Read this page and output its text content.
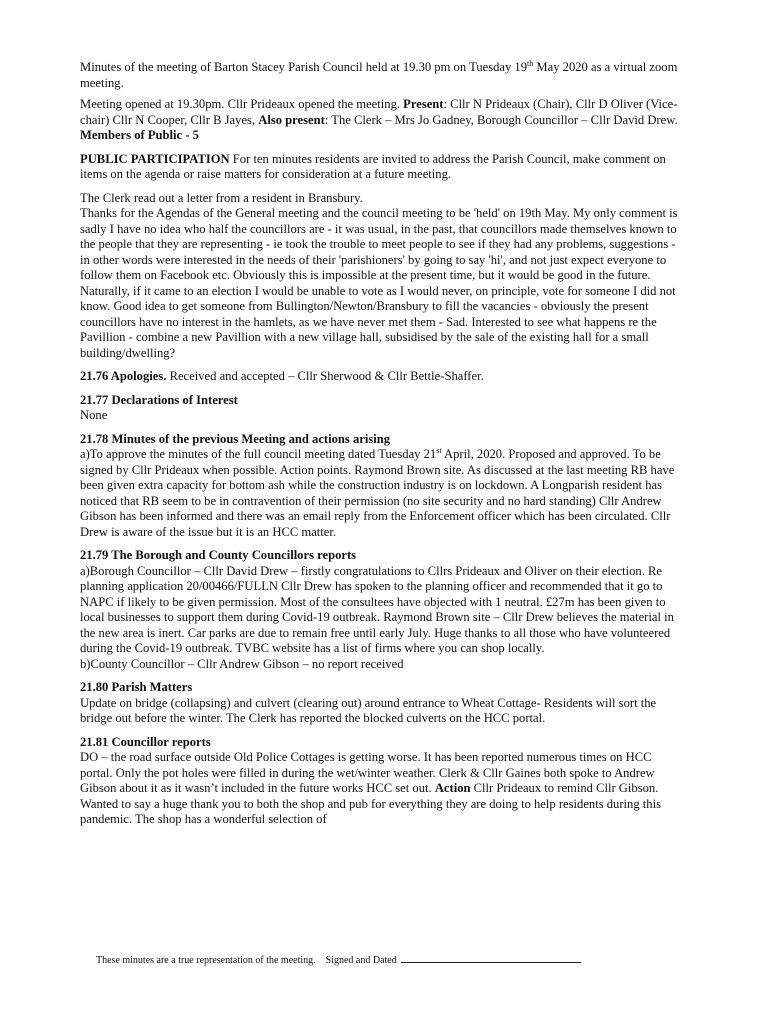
Minutes of the meeting of Barton Stacey Parish Council held at 19.30 pm on Tuesday 19th May 2020 as a virtual zoom meeting.

Meeting opened at 19.30pm. Cllr Prideaux opened the meeting. Present: Cllr N Prideaux (Chair), Cllr D Oliver (Vice-chair) Cllr N Cooper, Cllr B Jayes, Also present: The Clerk – Mrs Jo Gadney, Borough Councillor – Cllr David Drew. Members of Public - 5

PUBLIC PARTICIPATION For ten minutes residents are invited to address the Parish Council, make comment on items on the agenda or raise matters for consideration at a future meeting.

The Clerk read out a letter from a resident in Bransbury.

Thanks for the Agendas of the General meeting and the council meeting to be 'held' on 19th May. My only comment is sadly I have no idea who half the councillors are - it was usual, in the past, that councillors made themselves known to the people that they are representing - ie took the trouble to meet people to see if they had any problems, suggestions - in other words were interested in the needs of their 'parishioners' by going to say 'hi', and not just expect everyone to follow them on Facebook etc. Obviously this is impossible at the present time, but it would be good in the future. Naturally, if it came to an election I would be unable to vote as I would never, on principle, vote for someone I did not know. Good idea to get someone from Bullington/Newton/Bransbury to fill the vacancies - obviously the present councillors have no interest in the hamlets, as we have never met them - Sad. Interested to see what happens re the Pavillion - combine a new Pavillion with a new village hall, subsidised by the sale of the existing hall for a small building/dwelling?

21.76 Apologies. Received and accepted – Cllr Sherwood & Cllr Bettle-Shaffer.

21.77 Declarations of Interest
None

21.78 Minutes of the previous Meeting and actions arising
a)To approve the minutes of the full council meeting dated Tuesday 21st April, 2020. Proposed and approved. To be signed by Cllr Prideaux when possible. Action points. Raymond Brown site. As discussed at the last meeting RB have been given extra capacity for bottom ash while the construction industry is on lockdown. A Longparish resident has noticed that RB seem to be in contravention of their permission (no site security and no hard standing) Cllr Andrew Gibson has been informed and there was an email reply from the Enforcement officer which has been circulated. Cllr Drew is aware of the issue but it is an HCC matter.

21.79 The Borough and County Councillors reports
a)Borough Councillor – Cllr David Drew – firstly congratulations to Cllrs Prideaux and Oliver on their election. Re planning application 20/00466/FULLN Cllr Drew has spoken to the planning officer and recommended that it go to NAPC if likely to be given permission. Most of the consultees have objected with 1 neutral. £27m has been given to local businesses to support them during Covid-19 outbreak. Raymond Brown site – Cllr Drew believes the material in the new area is inert. Car parks are due to remain free until early July. Huge thanks to all those who have volunteered during the Covid-19 outbreak. TVBC website has a list of firms where you can shop locally.
b)County Councillor – Cllr Andrew Gibson – no report received

21.80 Parish Matters
Update on bridge (collapsing) and culvert (clearing out) around entrance to Wheat Cottage- Residents will sort the bridge out before the winter. The Clerk has reported the blocked culverts on the HCC portal.

21.81 Councillor reports
DO – the road surface outside Old Police Cottages is getting worse. It has been reported numerous times on HCC portal. Only the pot holes were filled in during the wet/winter weather. Clerk & Cllr Gaines both spoke to Andrew Gibson about it as it wasn’t included in the future works HCC set out. Action Cllr Prideaux to remind Cllr Gibson. Wanted to say a huge thank you to both the shop and pub for everything they are doing to help residents during this pandemic. The shop has a wonderful selection of

These minutes are a true representation of the meeting.    Signed and Dated
